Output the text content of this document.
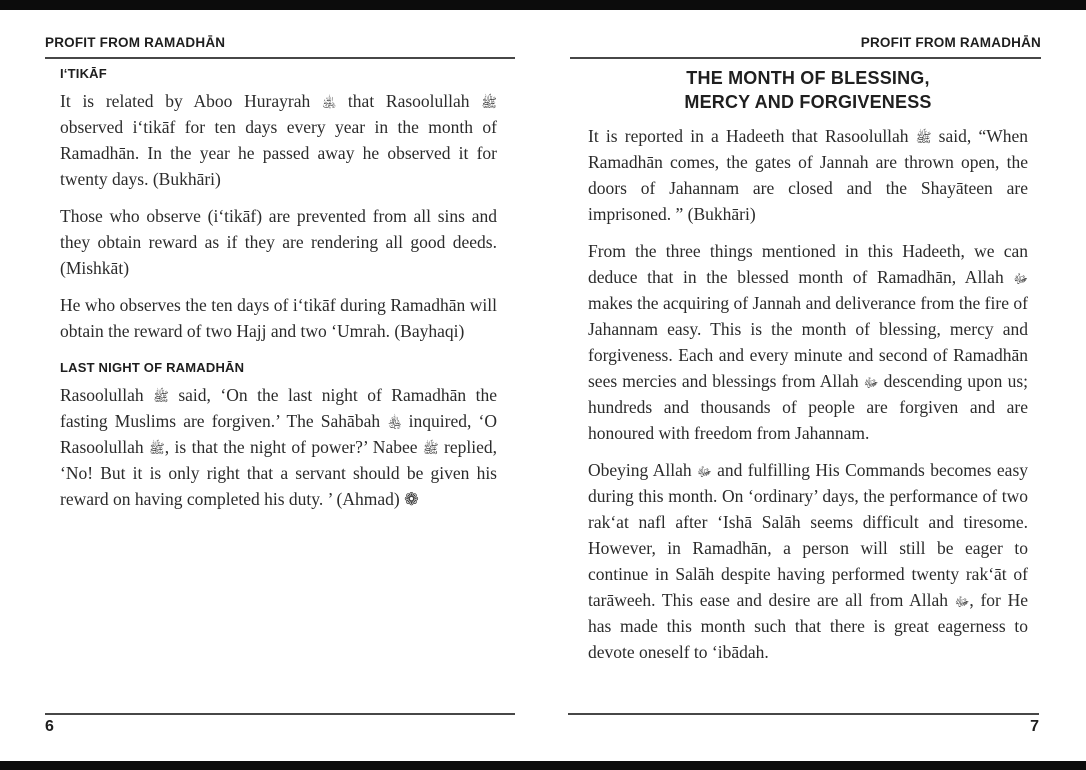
PROFIT FROM RAMADHĀN
I‘TIKĀF

It is related by Aboo Hurayrah ﵁ that Rasoolullah ﷺ observed i‘tikāf for ten days every year in the month of Ramadhān. In the year he passed away he observed it for twenty days. (Bukhāri)

Those who observe (i‘tikāf) are prevented from all sins and they obtain reward as if they are rendering all good deeds. (Mishkāt)

He who observes the ten days of i‘tikāf during Ramadhān will obtain the reward of two Hajj and two ‘Umrah. (Bayhaqi)

LAST NIGHT OF RAMADHĀN

Rasoolullah ﷺ said, ‘On the last night of Ramadhān the fasting Muslims are forgiven.’ The Sahābah ﵃ inquired, ‘O Rasoolullah ﷺ, is that the night of power?’ Nabee ﷺ replied, ‘No! But it is only right that a servant should be given his reward on having completed his duty. ’ (Ahmad) ❁

6
PROFIT FROM RAMADHĀN
THE MONTH OF BLESSING,
MERCY AND FORGIVENESS

It is reported in a Hadeeth that Rasoolullah ﷺ said, “When Ramadhān comes, the gates of Jannah are thrown open, the doors of Jahannam are closed and the Shayāteen are imprisoned. ” (Bukhāri)

From the three things mentioned in this Hadeeth, we can deduce that in the blessed month of Ramadhān, Allah ﷻ makes the acquiring of Jannah and deliverance from the fire of Jahannam easy. This is the month of blessing, mercy and forgiveness. Each and every minute and second of Ramadhān sees mercies and blessings from Allah ﷻ descending upon us; hundreds and thousands of people are forgiven and are honoured with freedom from Jahannam.

Obeying Allah ﷻ and fulfilling His Commands becomes easy during this month. On ‘ordinary’ days, the performance of two rak‘at nafl after ‘Ishā Salāh seems difficult and tiresome. However, in Ramadhān, a person will still be eager to continue in Salāh despite having performed twenty rak‘āt of tarāweeh. This ease and desire are all from Allah ﷻ, for He has made this month such that there is great eagerness to devote oneself to ‘ibādah.

7
